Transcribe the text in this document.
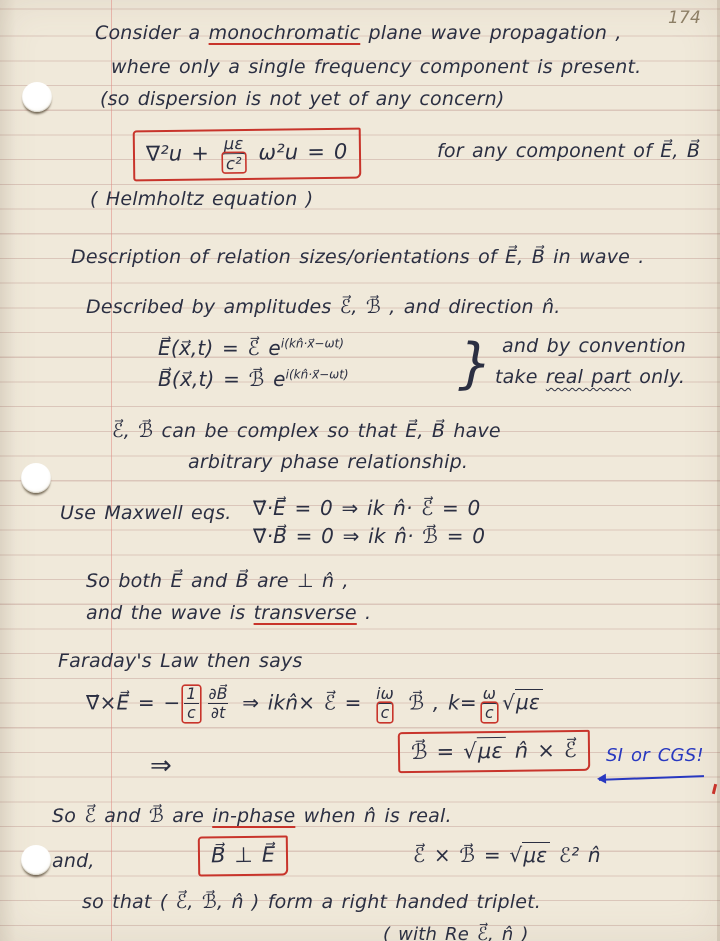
174
Consider a monochromatic plane wave propagation ,
where only a single frequency component is present.
(so dispersion is not yet of any concern)
$\nabla^2u + \frac{\mu\varepsilon}{\text{c²}} \omega^2u = 0$	for any component of E⃗, B⃗
( Helmholtz equation )
Description of relation sizes/orientations of E⃗, B⃗ in wave .
Described by amplitudes ℰ⃗, ℬ⃗ , and direction n̂.
E⃗(x⃗,t) = ℰ⃗ $e^{i(kn̂\cdot x⃗-\omega t)}$
B⃗(x⃗,t) = ℬ⃗ $e^{i(kn̂\cdot x⃗-\omega t)}$ } and by convention
take real part only.
ℰ⃗, ℬ⃗ can be complex so that E⃗, B⃗ have
arbitrary phase relationship.
Use Maxwell eqs. ∇⃗·E⃗ = 0 ⇒ ik n̂· ℰ⃗ = 0
∇⃗·B⃗ = 0 ⇒ ik n̂· ℬ⃗ = 0
So both E⃗ and B⃗ are ⊥ n̂ ,
and the wave is transverse .
Faraday's Law then says
∇⃗×E⃗ = − $\frac{1}{c} \frac{\partial B⃗}{\partial t}$ ⇒ ikn̂× ℰ⃗ = $\frac{i\omega}{c}$ ℬ⃗ , $k= \frac{\omega}{c} √\mu\varepsilon$
⇒	ℬ⃗ = √με n̂ × ℰ⃗	SI or CGS!
So ℰ⃗ and ℬ⃗ are in-phase when n̂ is real.
and,	B⃗ ⊥ E⃗	ℰ⃗ × ℬ⃗ = √με ℰ² n̂
so that ( ℰ⃗, ℬ⃗, n̂ ) form a right handed triplet.
( with Re ℰ⃗, n̂ )
